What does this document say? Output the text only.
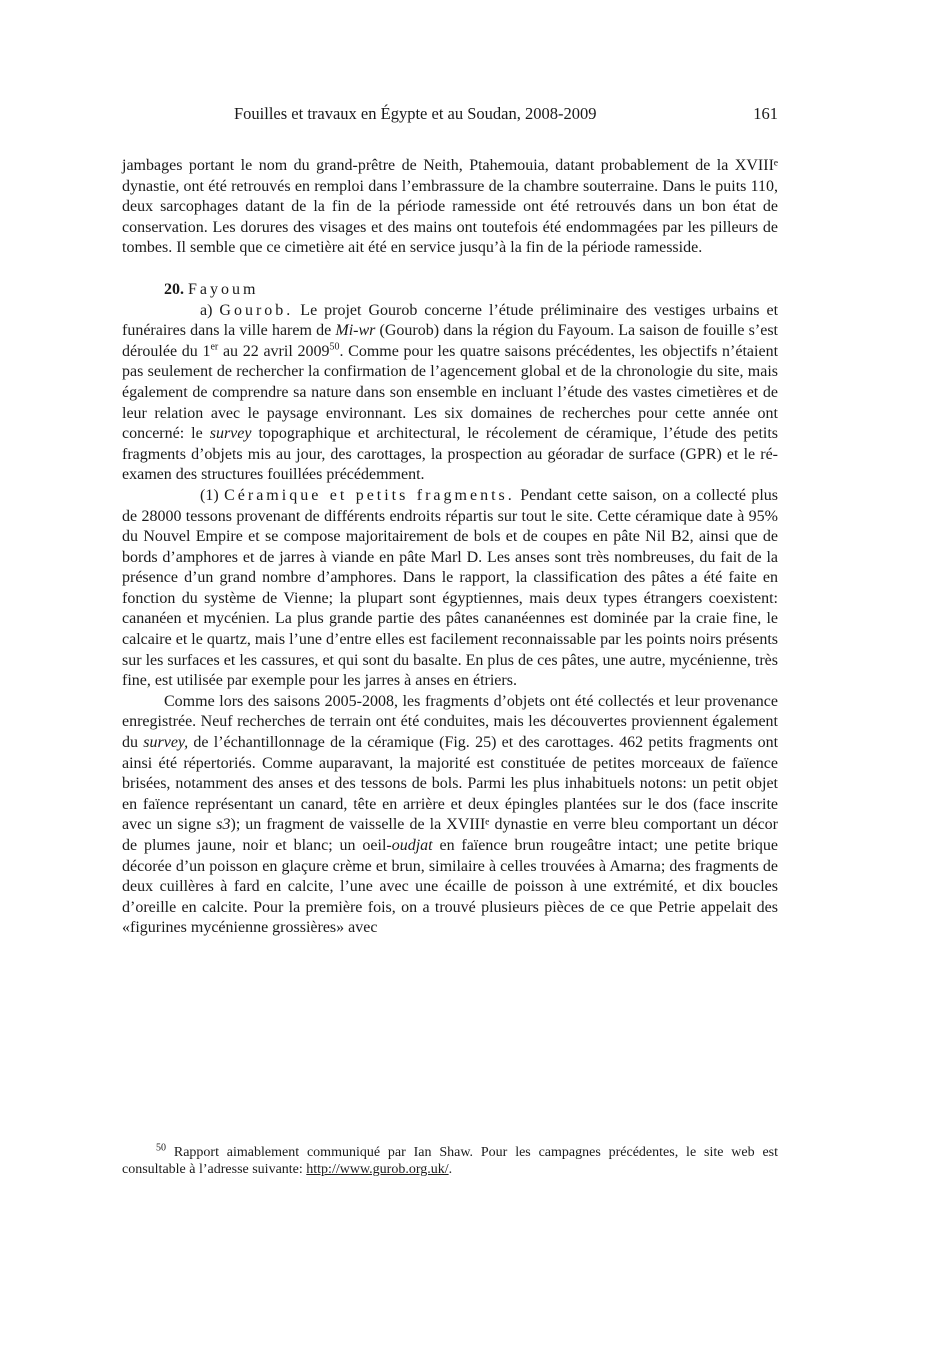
Fouilles et travaux en Égypte et au Soudan, 2008-2009	161

jambages portant le nom du grand-prêtre de Neith, Ptahemouia, datant probablement de la XVIIIᵉ dynastie, ont été retrouvés en remploi dans l’embrassure de la chambre souterraine. Dans le puits 110, deux sarcophages datant de la fin de la période ramesside ont été retrouvés dans un bon état de conservation. Les dorures des visages et des mains ont toutefois été endommagées par les pilleurs de tombes. Il semble que ce cimetière ait été en service jusqu’à la fin de la période ramesside.

20. Fayoum

a) Gourob. Le projet Gourob concerne l’étude préliminaire des vestiges urbains et funéraires dans la ville harem de Mi-wr (Gourob) dans la région du Fayoum. La saison de fouille s’est déroulée du 1er au 22 avril 2009$^{50}$. Comme pour les quatre saisons précédentes, les objectifs n’étaient pas seulement de rechercher la confirmation de l’agencement global et de la chronologie du site, mais également de comprendre sa nature dans son ensemble en incluant l’étude des vastes cimetières et de leur relation avec le paysage environnant. Les six domaines de recherches pour cette année ont concerné: le survey topographique et architectural, le récolement de céramique, l’étude des petits fragments d’objets mis au jour, des carottages, la prospection au géoradar de surface (GPR) et le ré-examen des structures fouillées précédemment.

(1) Céramique et petits fragments. Pendant cette saison, on a collecté plus de 28000 tessons provenant de différents endroits répartis sur tout le site. Cette céramique date à 95% du Nouvel Empire et se compose majoritairement de bols et de coupes en pâte Nil B2, ainsi que de bords d’amphores et de jarres à viande en pâte Marl D. Les anses sont très nombreuses, du fait de la présence d’un grand nombre d’amphores. Dans le rapport, la classification des pâtes a été faite en fonction du système de Vienne; la plupart sont égyptiennes, mais deux types étrangers coexistent: cananéen et mycénien. La plus grande partie des pâtes cananéennes est dominée par la craie fine, le calcaire et le quartz, mais l’une d’entre elles est facilement reconnaissable par les points noirs présents sur les surfaces et les cassures, et qui sont du basalte. En plus de ces pâtes, une autre, mycénienne, très fine, est utilisée par exemple pour les jarres à anses en étriers.

Comme lors des saisons 2005-2008, les fragments d’objets ont été collectés et leur provenance enregistrée. Neuf recherches de terrain ont été conduites, mais les découvertes proviennent également du survey, de l’échantillonnage de la céramique (Fig. 25) et des carottages. 462 petits fragments ont ainsi été répertoriés. Comme auparavant, la majorité est constituée de petites morceaux de faïence brisées, notamment des anses et des tessons de bols. Parmi les plus inhabituels notons: un petit objet en faïence représentant un canard, tête en arrière et deux épingles plantées sur le dos (face inscrite avec un signe s3); un fragment de vaisselle de la XVIIIᵉ dynastie en verre bleu comportant un décor de plumes jaune, noir et blanc; un oeil-oudjat en faïence brun rougeâtre intact; une petite brique décorée d’un poisson en glaçure crème et brun, similaire à celles trouvées à Amarna; des fragments de deux cuillères à fard en calcite, l’une avec une écaille de poisson à une extrémité, et dix boucles d’oreille en calcite. Pour la première fois, on a trouvé plusieurs pièces de ce que Petrie appelait des «figurines mycénienne grossières» avec

$^{50}$ Rapport aimablement communiqué par Ian Shaw. Pour les campagnes précédentes, le site web est consultable à l’adresse suivante: http://www.gurob.org.uk/.
